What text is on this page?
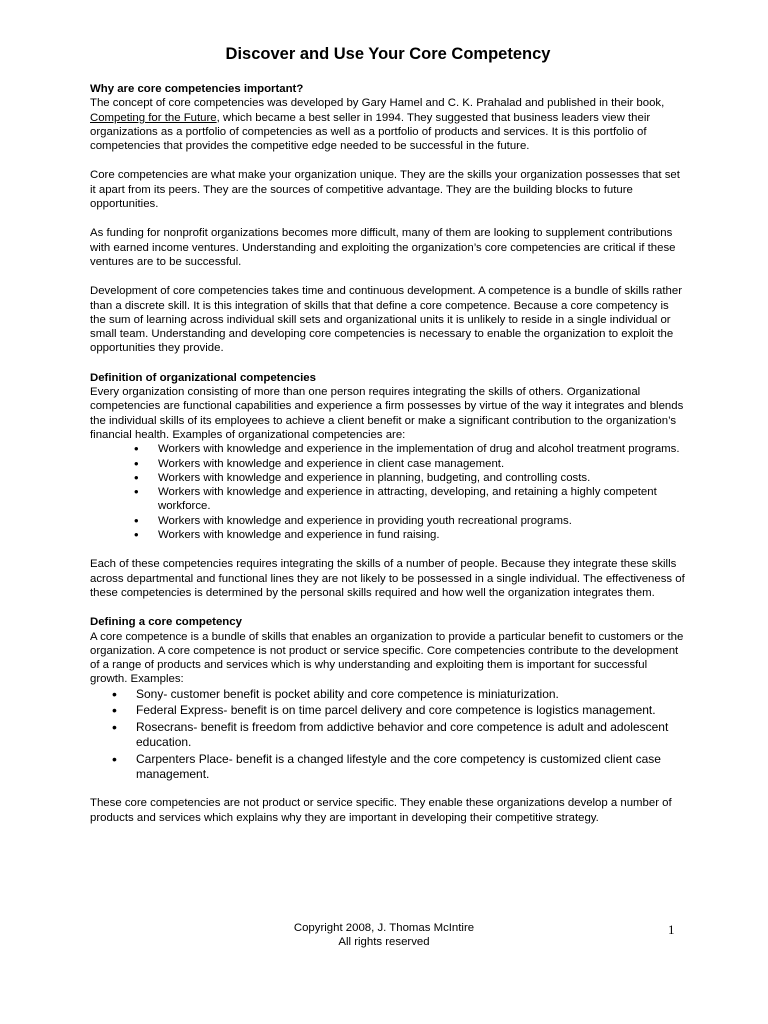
Discover and Use Your Core Competency
Why are core competencies important?

The concept of core competencies was developed by Gary Hamel and C. K. Prahalad and published in their book, Competing for the Future, which became a best seller in 1994. They suggested that business leaders view their organizations as a portfolio of competencies as well as a portfolio of products and services. It is this portfolio of competencies that provides the competitive edge needed to be successful in the future.

Core competencies are what make your organization unique. They are the skills your organization possesses that set it apart from its peers. They are the sources of competitive advantage. They are the building blocks to future opportunities.

As funding for nonprofit organizations becomes more difficult, many of them are looking to supplement contributions with earned income ventures. Understanding and exploiting the organization’s core competencies are critical if these ventures are to be successful.

Development of core competencies takes time and continuous development. A competence is a bundle of skills rather than a discrete skill. It is this integration of skills that that define a core competence. Because a core competency is the sum of learning across individual skill sets and organizational units it is unlikely to reside in a single individual or small team. Understanding and developing core competencies is necessary to enable the organization to exploit the opportunities they provide.

Definition of organizational competencies

Every organization consisting of more than one person requires integrating the skills of others. Organizational competencies are functional capabilities and experience a firm possesses by virtue of the way it integrates and blends the individual skills of its employees to achieve a client benefit or make a significant contribution to the organization’s financial health. Examples of organizational competencies are:

• Workers with knowledge and experience in the implementation of drug and alcohol treatment programs.
• Workers with knowledge and experience in client case management.
• Workers with knowledge and experience in planning, budgeting, and controlling costs.
• Workers with knowledge and experience in attracting, developing, and retaining a highly competent workforce.
• Workers with knowledge and experience in providing youth recreational programs.
• Workers with knowledge and experience in fund raising.

Each of these competencies requires integrating the skills of a number of people. Because they integrate these skills across departmental and functional lines they are not likely to be possessed in a single individual. The effectiveness of these competencies is determined by the personal skills required and how well the organization integrates them.

Defining a core competency

A core competence is a bundle of skills that enables an organization to provide a particular benefit to customers or the organization. A core competence is not product or service specific. Core competencies contribute to the development of a range of products and services which is why understanding and exploiting them is important for successful growth. Examples:

• Sony- customer benefit is pocket ability and core competence is miniaturization.
• Federal Express- benefit is on time parcel delivery and core competence is logistics management.
• Rosecrans- benefit is freedom from addictive behavior and core competence is adult and adolescent education.
• Carpenters Place- benefit is a changed lifestyle and the core competency is customized client case management.

These core competencies are not product or service specific. They enable these organizations develop a number of products and services which explains why they are important in developing their competitive strategy.

Copyright 2008, J. Thomas McIntire
All rights reserved
1
